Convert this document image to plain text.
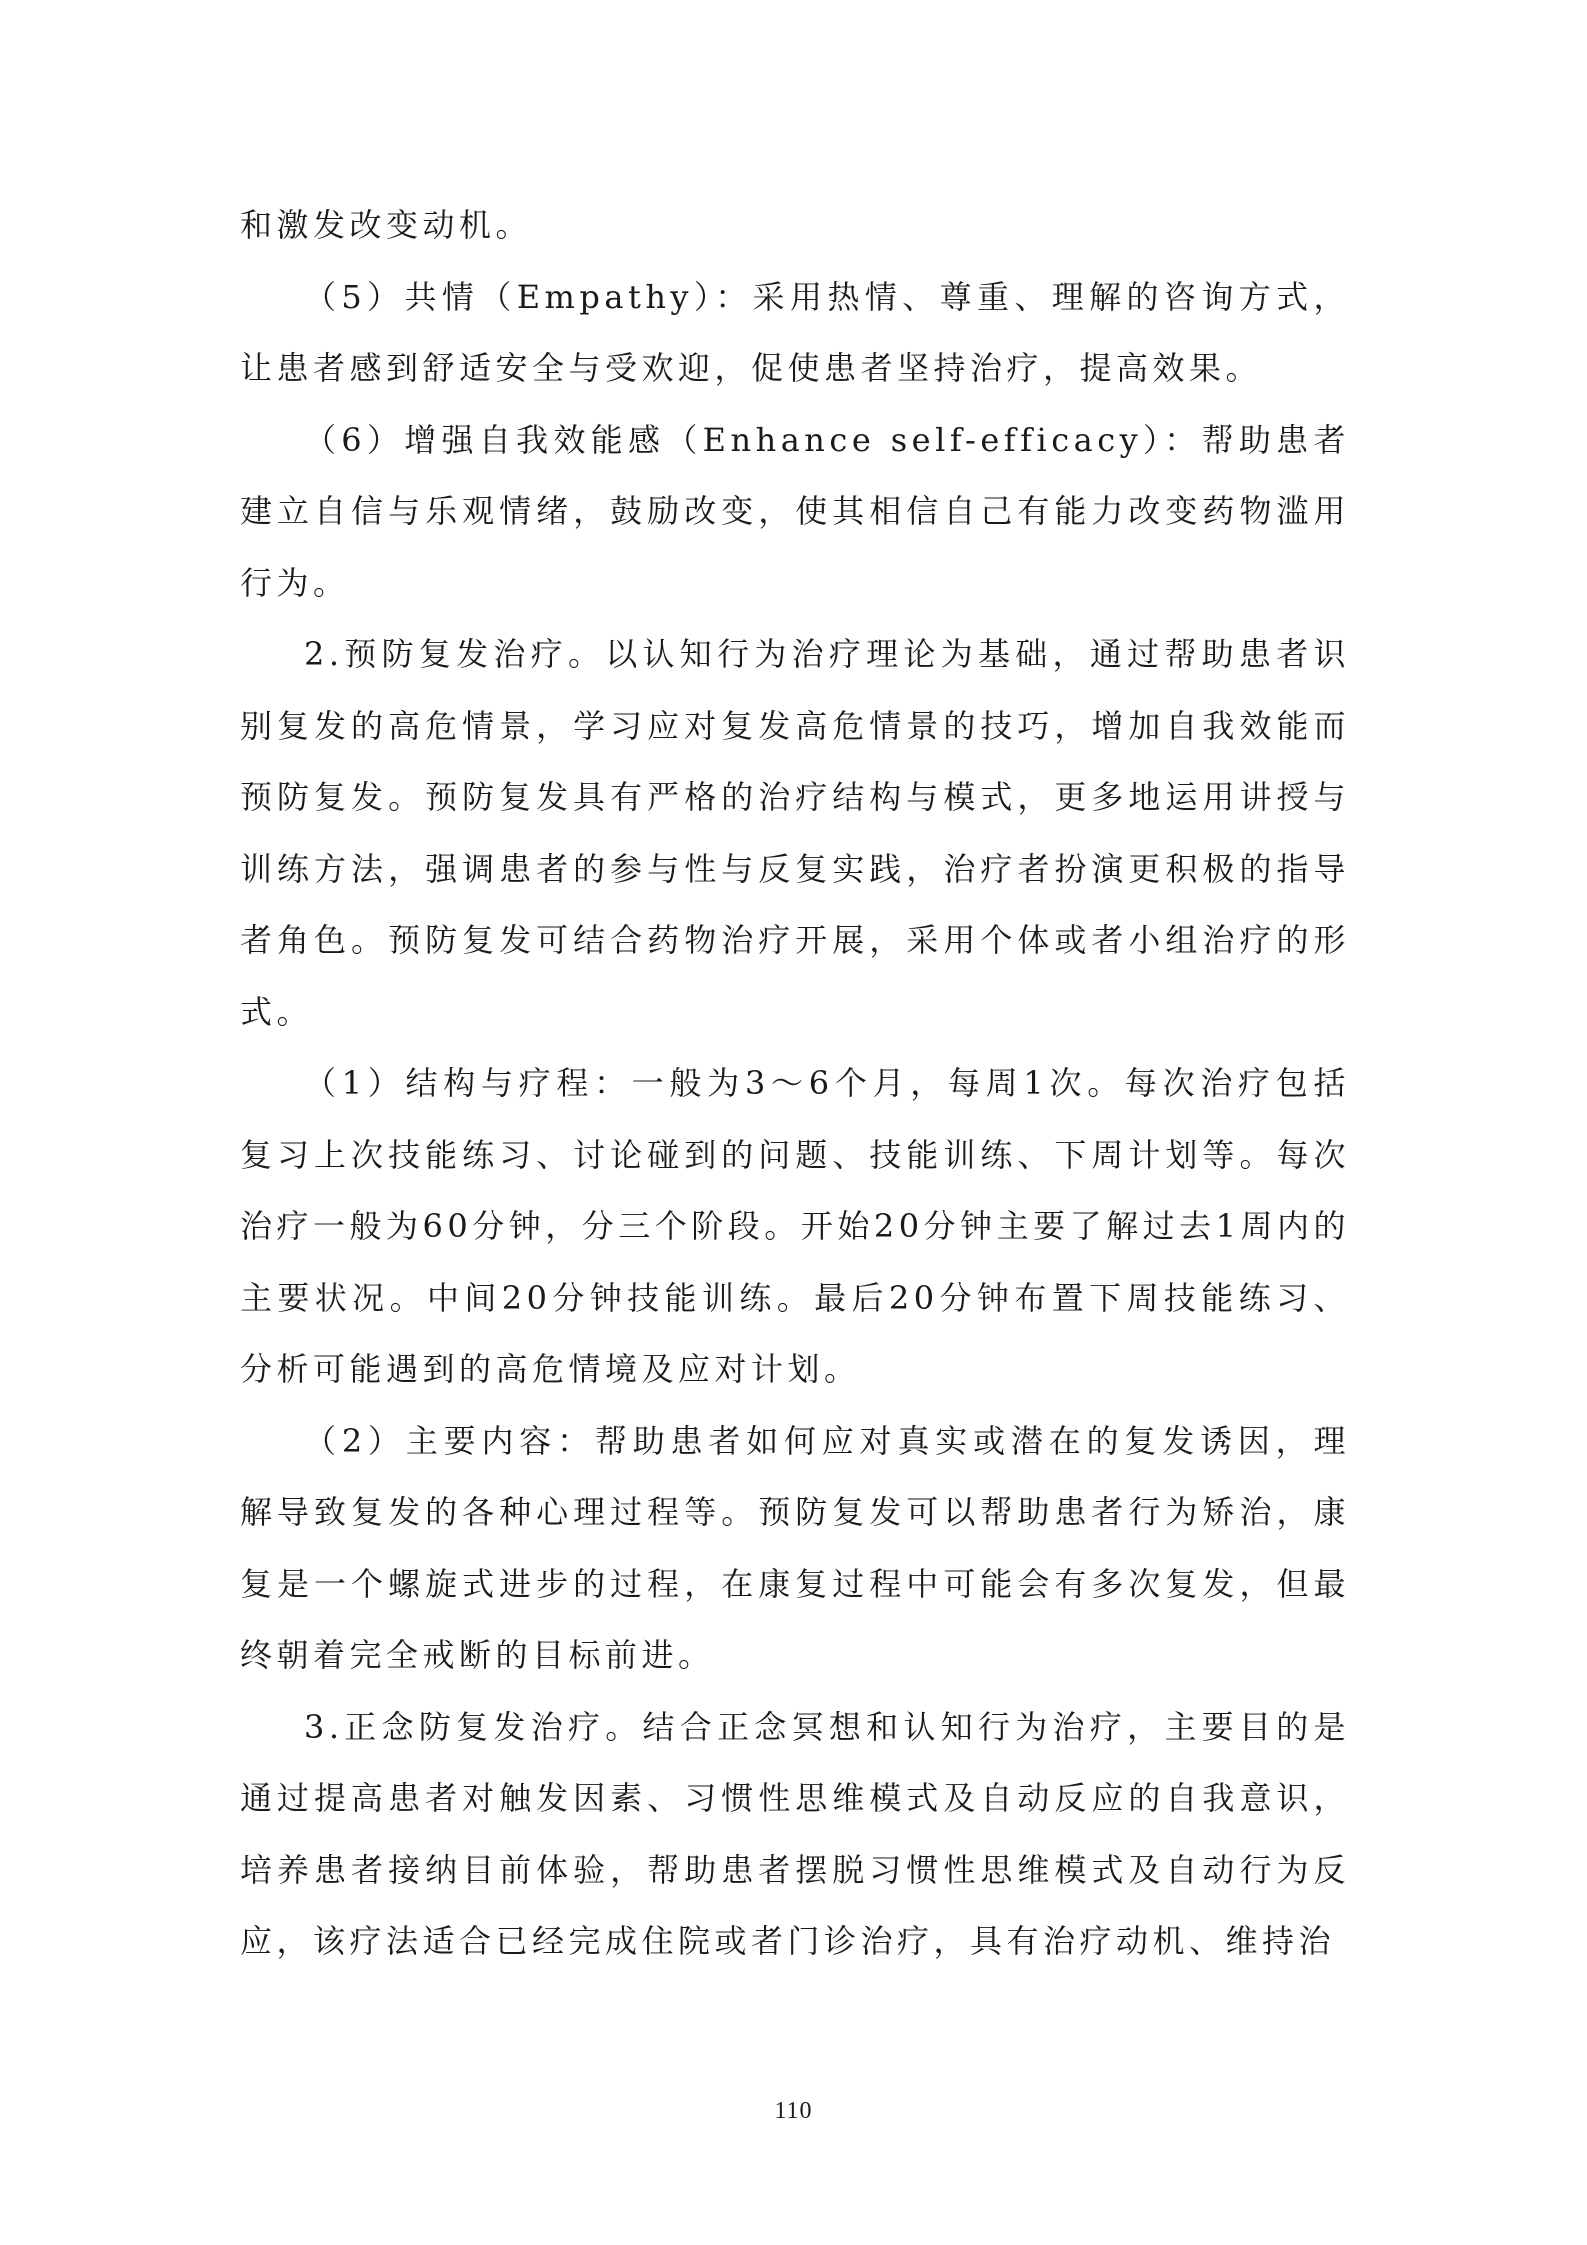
和激发改变动机。

（5）共情（Empathy）：采用热情、尊重、理解的咨询方式，让患者感到舒适安全与受欢迎，促使患者坚持治疗，提高效果。

（6）增强自我效能感（Enhance self-efficacy）：帮助患者建立自信与乐观情绪，鼓励改变，使其相信自己有能力改变药物滥用行为。

2.预防复发治疗。以认知行为治疗理论为基础，通过帮助患者识别复发的高危情景，学习应对复发高危情景的技巧，增加自我效能而预防复发。预防复发具有严格的治疗结构与模式，更多地运用讲授与训练方法，强调患者的参与性与反复实践，治疗者扮演更积极的指导者角色。预防复发可结合药物治疗开展，采用个体或者小组治疗的形式。

（1）结构与疗程：一般为3～6个月，每周1次。每次治疗包括复习上次技能练习、讨论碰到的问题、技能训练、下周计划等。每次治疗一般为60分钟，分三个阶段。开始20分钟主要了解过去1周内的主要状况。中间20分钟技能训练。最后20分钟布置下周技能练习、分析可能遇到的高危情境及应对计划。

（2）主要内容：帮助患者如何应对真实或潜在的复发诱因，理解导致复发的各种心理过程等。预防复发可以帮助患者行为矫治，康复是一个螺旋式进步的过程，在康复过程中可能会有多次复发，但最终朝着完全戒断的目标前进。

3.正念防复发治疗。结合正念冥想和认知行为治疗，主要目的是通过提高患者对触发因素、习惯性思维模式及自动反应的自我意识，培养患者接纳目前体验，帮助患者摆脱习惯性思维模式及自动行为反应，该疗法适合已经完成住院或者门诊治疗，具有治疗动机、维持治

110
